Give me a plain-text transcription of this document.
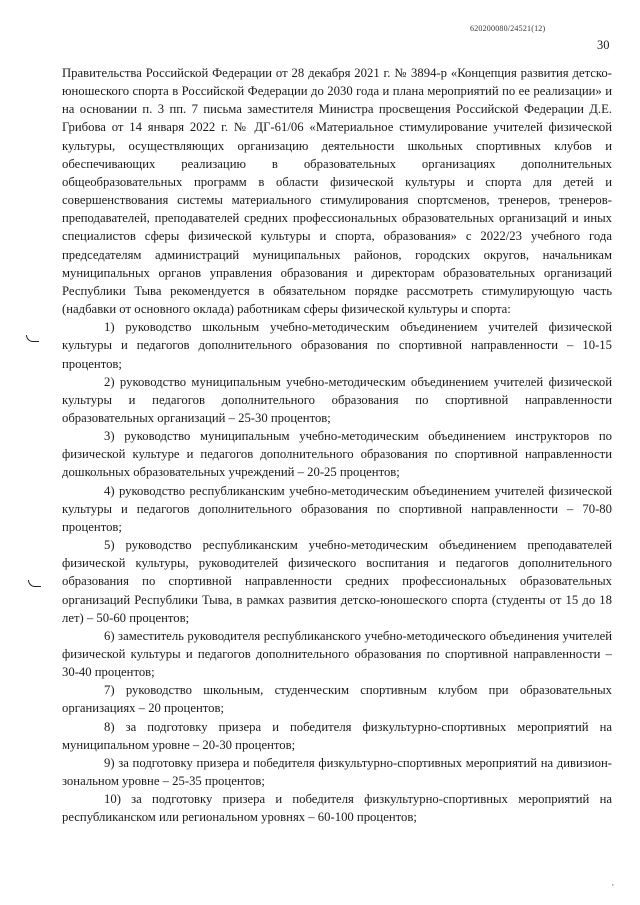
620200080/24521(12)
30

Правительства Российской Федерации от 28 декабря 2021 г. № 3894-р «Концепция развития детско-юношеского спорта в Российской Федерации до 2030 года и плана мероприятий по ее реализации» и на основании п. 3 пп. 7 письма заместителя Министра просвещения Российской Федерации Д.Е. Грибова от 14 января 2022 г. № ДГ-61/06 «Материальное стимулирование учителей физической культуры, осуществляющих организацию деятельности школьных спортивных клубов и обеспечивающих реализацию в образовательных организациях дополнительных общеобразовательных программ в области физической культуры и спорта для детей и совершенствования системы материального стимулирования спортсменов, тренеров, тренеров-преподавателей, преподавателей средних профессиональных образовательных организаций и иных специалистов сферы физической культуры и спорта, образования» с 2022/23 учебного года председателям администраций муниципальных районов, городских округов, начальникам муниципальных органов управления образования и директорам образовательных организаций Республики Тыва рекомендуется в обязательном порядке рассмотреть стимулирующую часть (надбавки от основного оклада) работникам сферы физической культуры и спорта:

1) руководство школьным учебно-методическим объединением учителей физической культуры и педагогов дополнительного образования по спортивной направленности – 10-15 процентов;

2) руководство муниципальным учебно-методическим объединением учителей физической культуры и педагогов дополнительного образования по спортивной направленности образовательных организаций – 25-30 процентов;

3) руководство муниципальным учебно-методическим объединением инструкторов по физической культуре и педагогов дополнительного образования по спортивной направленности дошкольных образовательных учреждений – 20-25 процентов;

4) руководство республиканским учебно-методическим объединением учителей физической культуры и педагогов дополнительного образования по спортивной направленности – 70-80 процентов;

5) руководство республиканским учебно-методическим объединением преподавателей физической культуры, руководителей физического воспитания и педагогов дополнительного образования по спортивной направленности средних профессиональных образовательных организаций Республики Тыва, в рамках развития детско-юношеского спорта (студенты от 15 до 18 лет) – 50-60 процентов;

6) заместитель руководителя республиканского учебно-методического объединения учителей физической культуры и педагогов дополнительного образования по спортивной направленности – 30-40 процентов;

7) руководство школьным, студенческим спортивным клубом при образовательных организациях – 20 процентов;

8) за подготовку призера и победителя физкультурно-спортивных мероприятий на муниципальном уровне – 20-30 процентов;

9) за подготовку призера и победителя физкультурно-спортивных мероприятий на дивизион-зональном уровне – 25-35 процентов;

10) за подготовку призера и победителя физкультурно-спортивных мероприятий на республиканском или региональном уровнях – 60-100 процентов;

ᐝ
